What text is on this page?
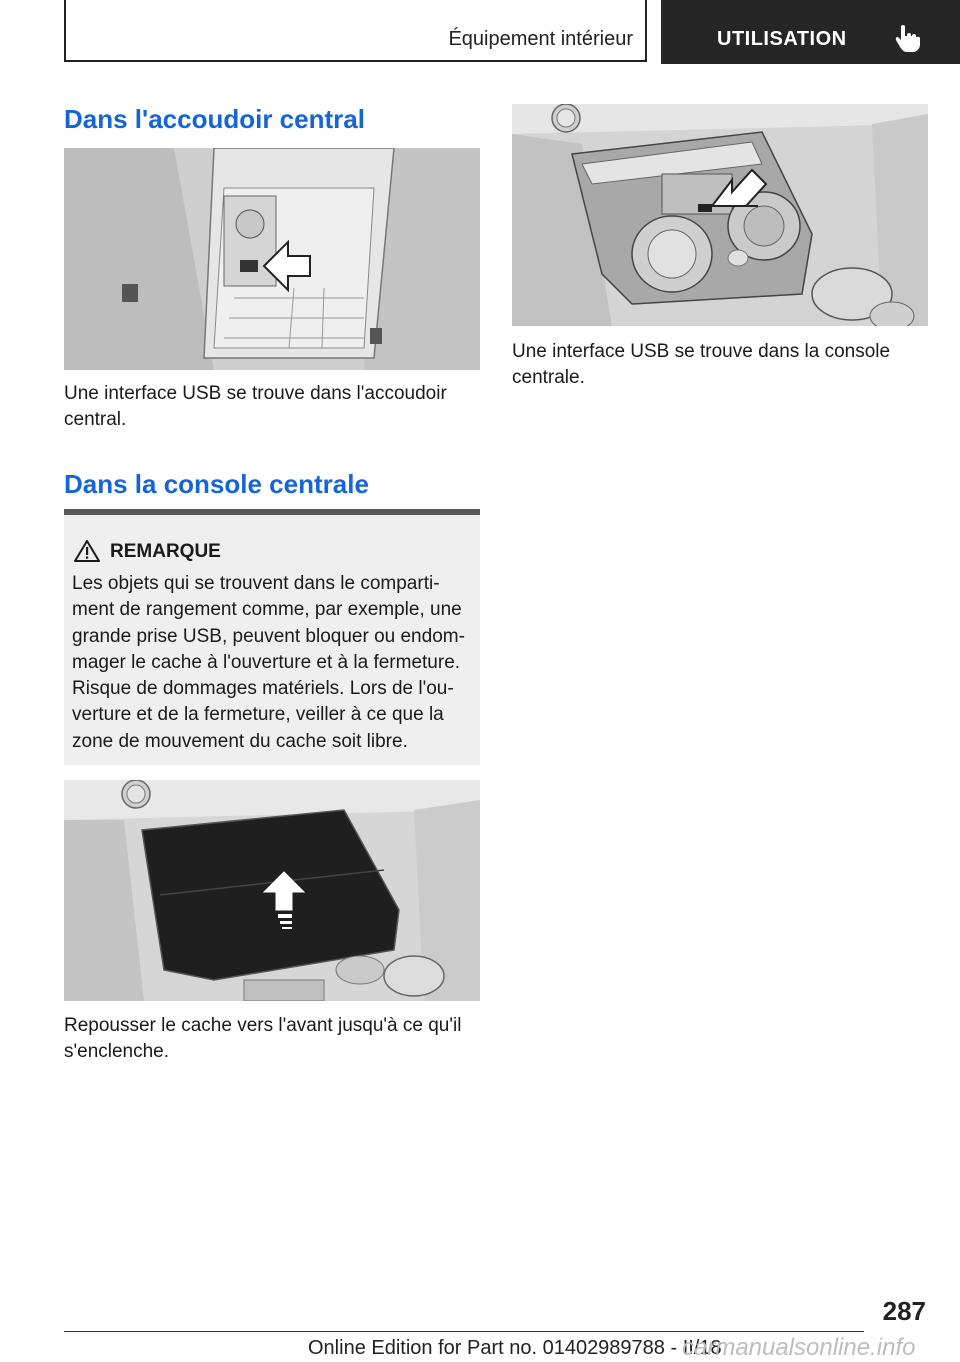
Équipement intérieur	UTILISATION
Dans l'accoudoir central
Une interface USB se trouve dans l'accoudoir
central.
Dans la console centrale
REMARQUE
Les objets qui se trouvent dans le comparti‐
ment de rangement comme, par exemple, une
grande prise USB, peuvent bloquer ou endom‐
mager le cache à l'ouverture et à la fermeture.
Risque de dommages matériels. Lors de l'ou‐
verture et de la fermeture, veiller à ce que la
zone de mouvement du cache soit libre.
Repousser le cache vers l'avant jusqu'à ce qu'il
s'enclenche.
Une interface USB se trouve dans la console
centrale.
287
Online Edition for Part no. 01402989788 - II/18
carmanualsonline.info
